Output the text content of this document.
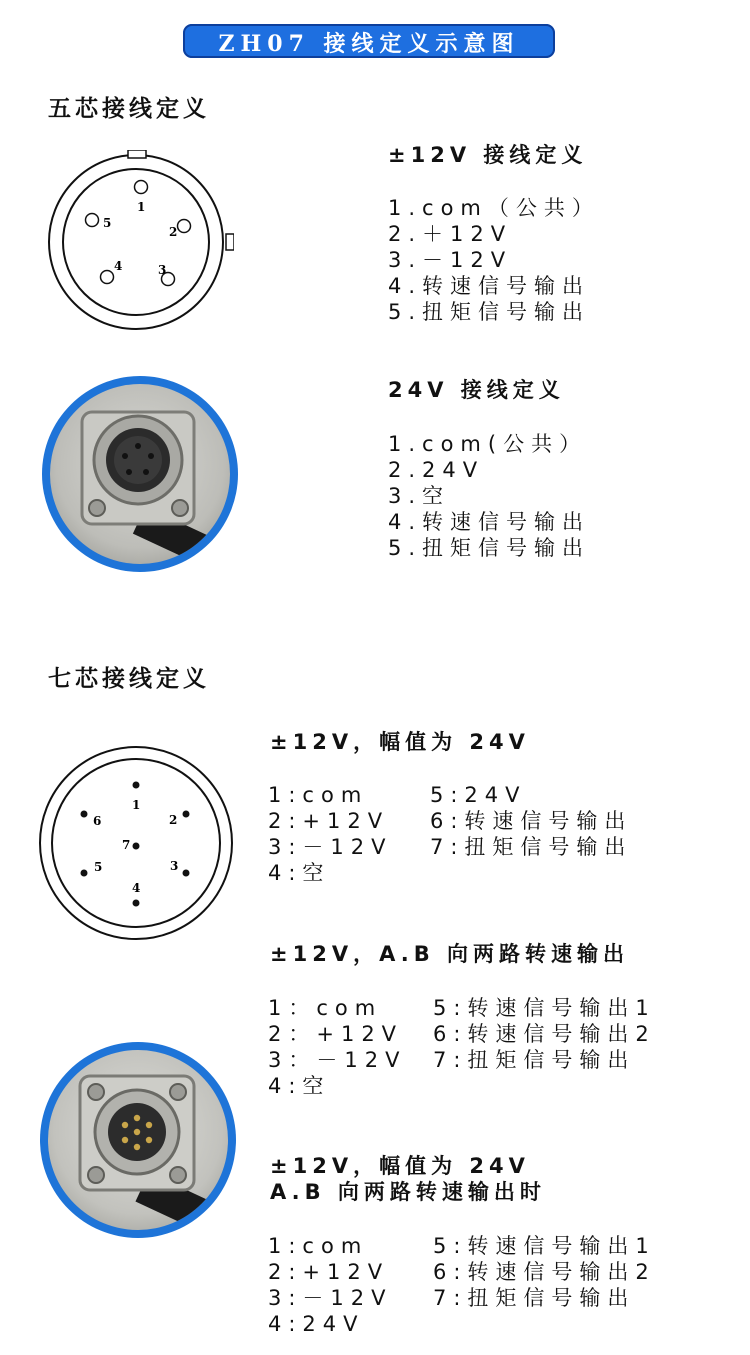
ZH07 接线定义示意图
五芯接线定义
1
2
3
4
5
±12V 接线定义
1.com（公共）
2.＋12V
3.－12V
4.转速信号输出
5.扭矩信号输出
24V 接线定义
1.com(公共）
2.24V
3.空
4.转速信号输出
5.扭矩信号输出
七芯接线定义
1
2
3
4
5
6
7
±12V，幅值为 24V
1:com
2:+12V
3:－12V
4:空
5:24V
6:转速信号输出
7:扭矩信号输出
±12V，A.B 向两路转速输出
1：com
2：+12V
3：－12V
4:空
5:转速信号输出1
6:转速信号输出2
7:扭矩信号输出
±12V，幅值为 24V
A.B 向两路转速输出时
1:com
2:+12V
3:－12V
4:24V
5:转速信号输出1
6:转速信号输出2
7:扭矩信号输出
